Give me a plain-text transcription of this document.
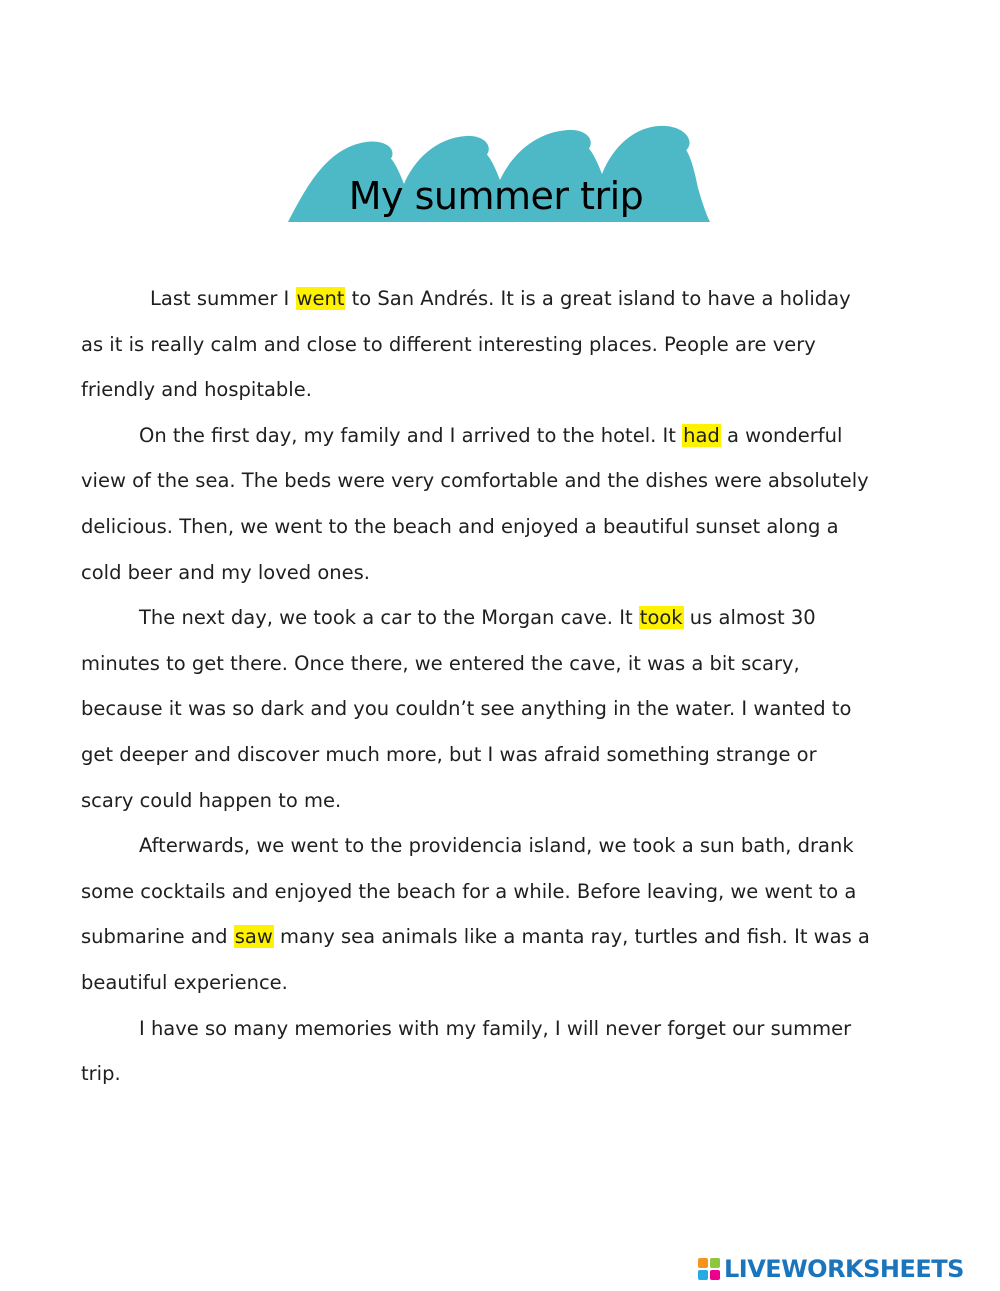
My summer trip
Last summer I went to San Andrés. It is a great island to have a holiday
as it is really calm and close to different interesting places. People are very
friendly and hospitable.
On the first day, my family and I arrived to the hotel. It had a wonderful
view of the sea. The beds were very comfortable and the dishes were absolutely
delicious. Then, we went to the beach and enjoyed a beautiful sunset along a
cold beer and my loved ones.
The next day, we took a car to the Morgan cave. It took us almost 30
minutes to get there. Once there, we entered the cave, it was a bit scary,
because it was so dark and you couldn’t see anything in the water. I wanted to
get deeper and discover much more, but I was afraid something strange or
scary could happen to me.
Afterwards, we went to the providencia island, we took a sun bath, drank
some cocktails and enjoyed the beach for a while. Before leaving, we went to a
submarine and saw many sea animals like a manta ray, turtles and fish. It was a
beautiful experience.
I have so many memories with my family, I will never forget our summer
trip.
LIVEWORKSHEETS
